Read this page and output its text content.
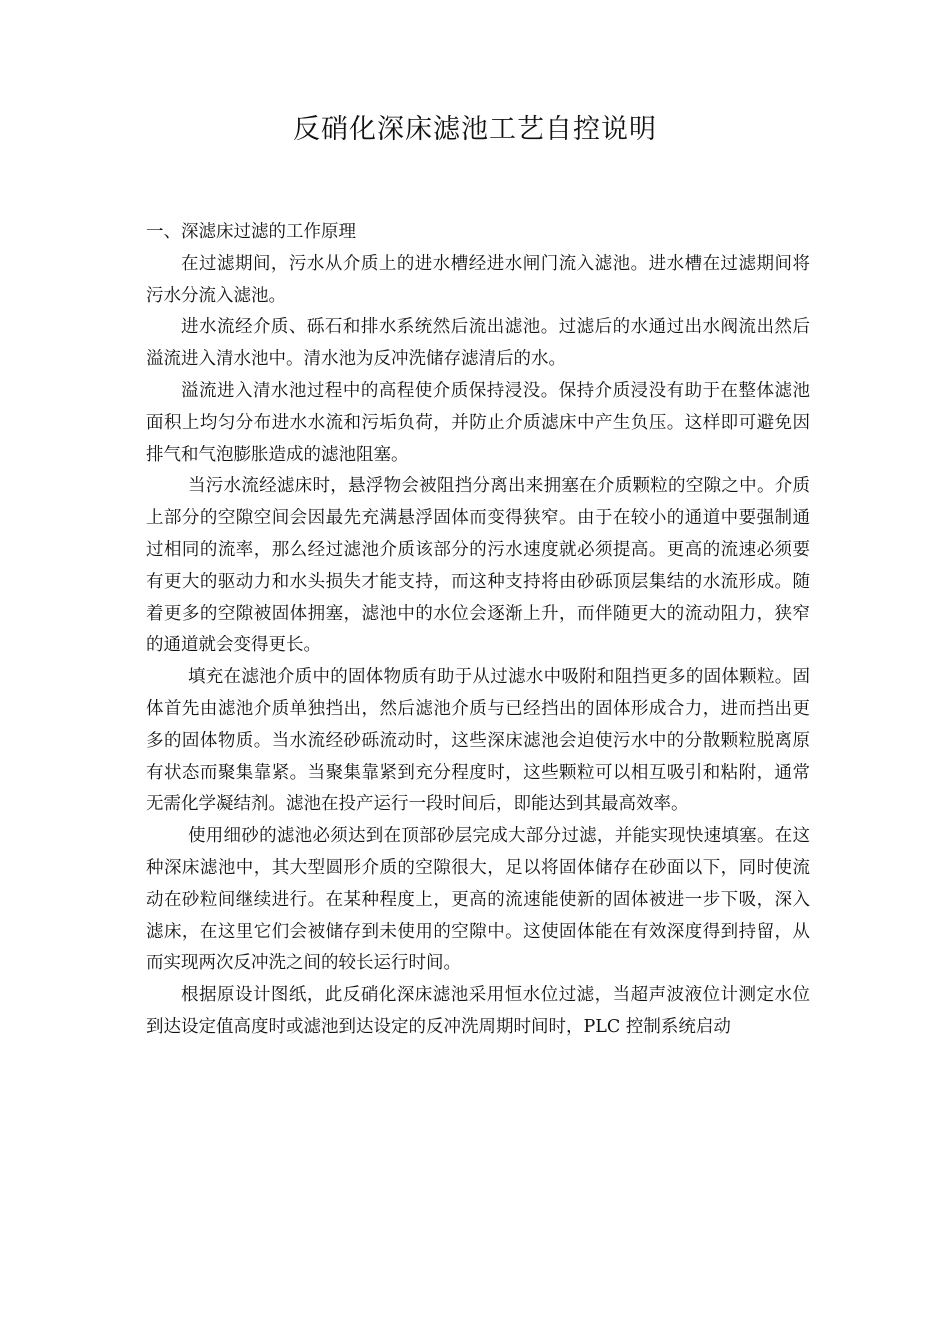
反硝化深床滤池工艺自控说明

一、深滤床过滤的工作原理

在过滤期间，污水从介质上的进水槽经进水闸门流入滤池。进水槽在过滤期间将污水分流入滤池。

进水流经介质、砾石和排水系统然后流出滤池。过滤后的水通过出水阀流出然后溢流进入清水池中。清水池为反冲洗储存滤清后的水。

溢流进入清水池过程中的高程使介质保持浸没。保持介质浸没有助于在整体滤池面积上均匀分布进水水流和污垢负荷，并防止介质滤床中产生负压。这样即可避免因排气和气泡膨胀造成的滤池阻塞。

当污水流经滤床时，悬浮物会被阻挡分离出来拥塞在介质颗粒的空隙之中。介质上部分的空隙空间会因最先充满悬浮固体而变得狭窄。由于在较小的通道中要强制通过相同的流率，那么经过滤池介质该部分的污水速度就必须提高。更高的流速必须要有更大的驱动力和水头损失才能支持，而这种支持将由砂砾顶层集结的水流形成。随着更多的空隙被固体拥塞，滤池中的水位会逐渐上升，而伴随更大的流动阻力，狭窄的通道就会变得更长。

填充在滤池介质中的固体物质有助于从过滤水中吸附和阻挡更多的固体颗粒。固体首先由滤池介质单独挡出，然后滤池介质与已经挡出的固体形成合力，进而挡出更多的固体物质。当水流经砂砾流动时，这些深床滤池会迫使污水中的分散颗粒脱离原有状态而聚集靠紧。当聚集靠紧到充分程度时，这些颗粒可以相互吸引和粘附，通常无需化学凝结剂。滤池在投产运行一段时间后，即能达到其最高效率。

使用细砂的滤池必须达到在顶部砂层完成大部分过滤，并能实现快速填塞。在这种深床滤池中，其大型圆形介质的空隙很大，足以将固体储存在砂面以下，同时使流动在砂粒间继续进行。在某种程度上，更高的流速能使新的固体被进一步下吸，深入滤床，在这里它们会被储存到未使用的空隙中。这使固体能在有效深度得到持留，从而实现两次反冲洗之间的较长运行时间。

根据原设计图纸，此反硝化深床滤池采用恒水位过滤，当超声波液位计测定水位到达设定值高度时或滤池到达设定的反冲洗周期时间时，PLC 控制系统启动
